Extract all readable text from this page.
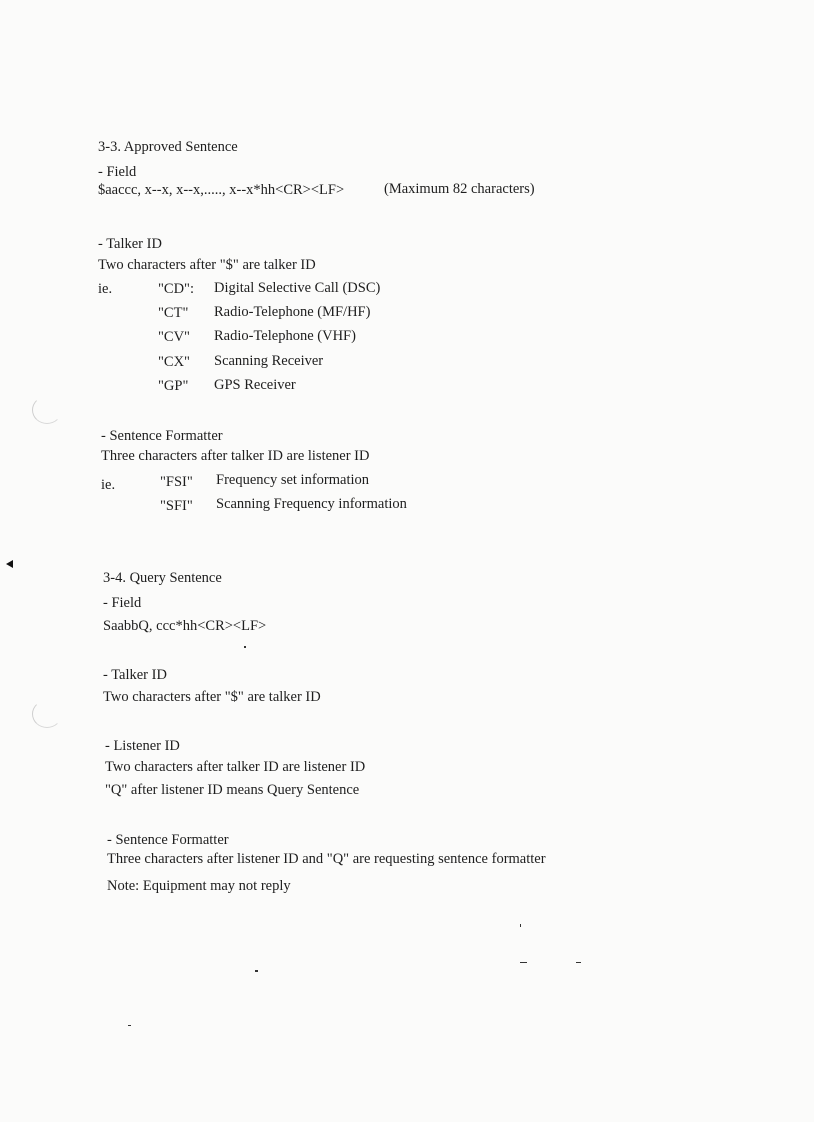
3-3. Approved Sentence
- Field
$aaccc, x--x, x--x,....., x--x*hh<CR><LF>	(Maximum 82 characters)
- Talker ID
Two characters after "$" are talker ID
ie.	"CD": Digital Selective Call (DSC)
"CT" Radio-Telephone (MF/HF)
"CV" Radio-Telephone (VHF)
"CX" Scanning Receiver
"GP" GPS Receiver
- Sentence Formatter
Three characters after talker ID are listener ID
ie.	"FSI" Frequency set information
"SFI" Scanning Frequency information
3-4. Query Sentence
- Field
SaabbQ, ccc*hh<CR><LF>
- Talker ID
Two characters after "$" are talker ID
- Listener ID
Two characters after talker ID are listener ID
"Q" after listener ID means Query Sentence
- Sentence Formatter
Three characters after listener ID and "Q" are requesting sentence formatter
Note: Equipment may not reply
